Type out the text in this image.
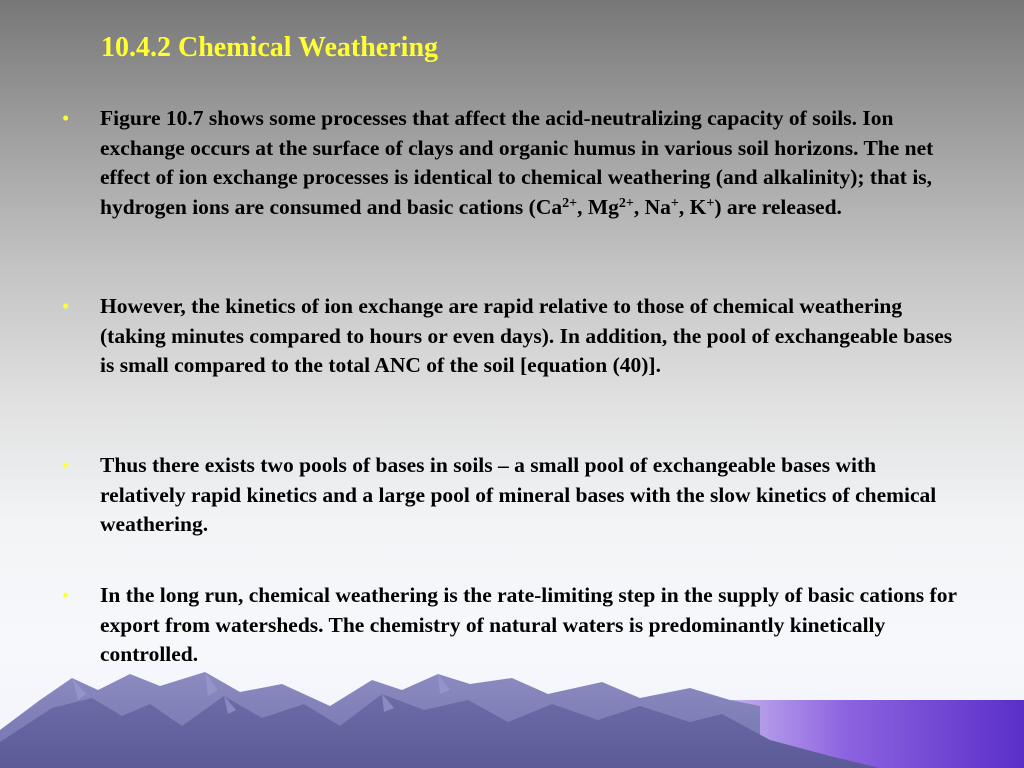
10.4.2 Chemical Weathering
• Figure 10.7 shows some processes that affect the acid-neutralizing capacity of soils. Ion exchange occurs at the surface of clays and organic humus in various soil horizons. The net effect of ion exchange processes is identical to chemical weathering (and alkalinity); that is, hydrogen ions are consumed and basic cations ($Ca^{2+}$, $Mg^{2+}$, Na+, K+) are released.

• However, the kinetics of ion exchange are rapid relative to those of chemical weathering (taking minutes compared to hours or even days). In addition, the pool of exchangeable bases is small compared to the total ANC of the soil [equation (40)].

• Thus there exists two pools of bases in soils – a small pool of exchangeable bases with relatively rapid kinetics and a large pool of mineral bases with the slow kinetics of chemical weathering.

• In the long run, chemical weathering is the rate-limiting step in the supply of basic cations for export from watersheds. The chemistry of natural waters is predominantly kinetically controlled.
